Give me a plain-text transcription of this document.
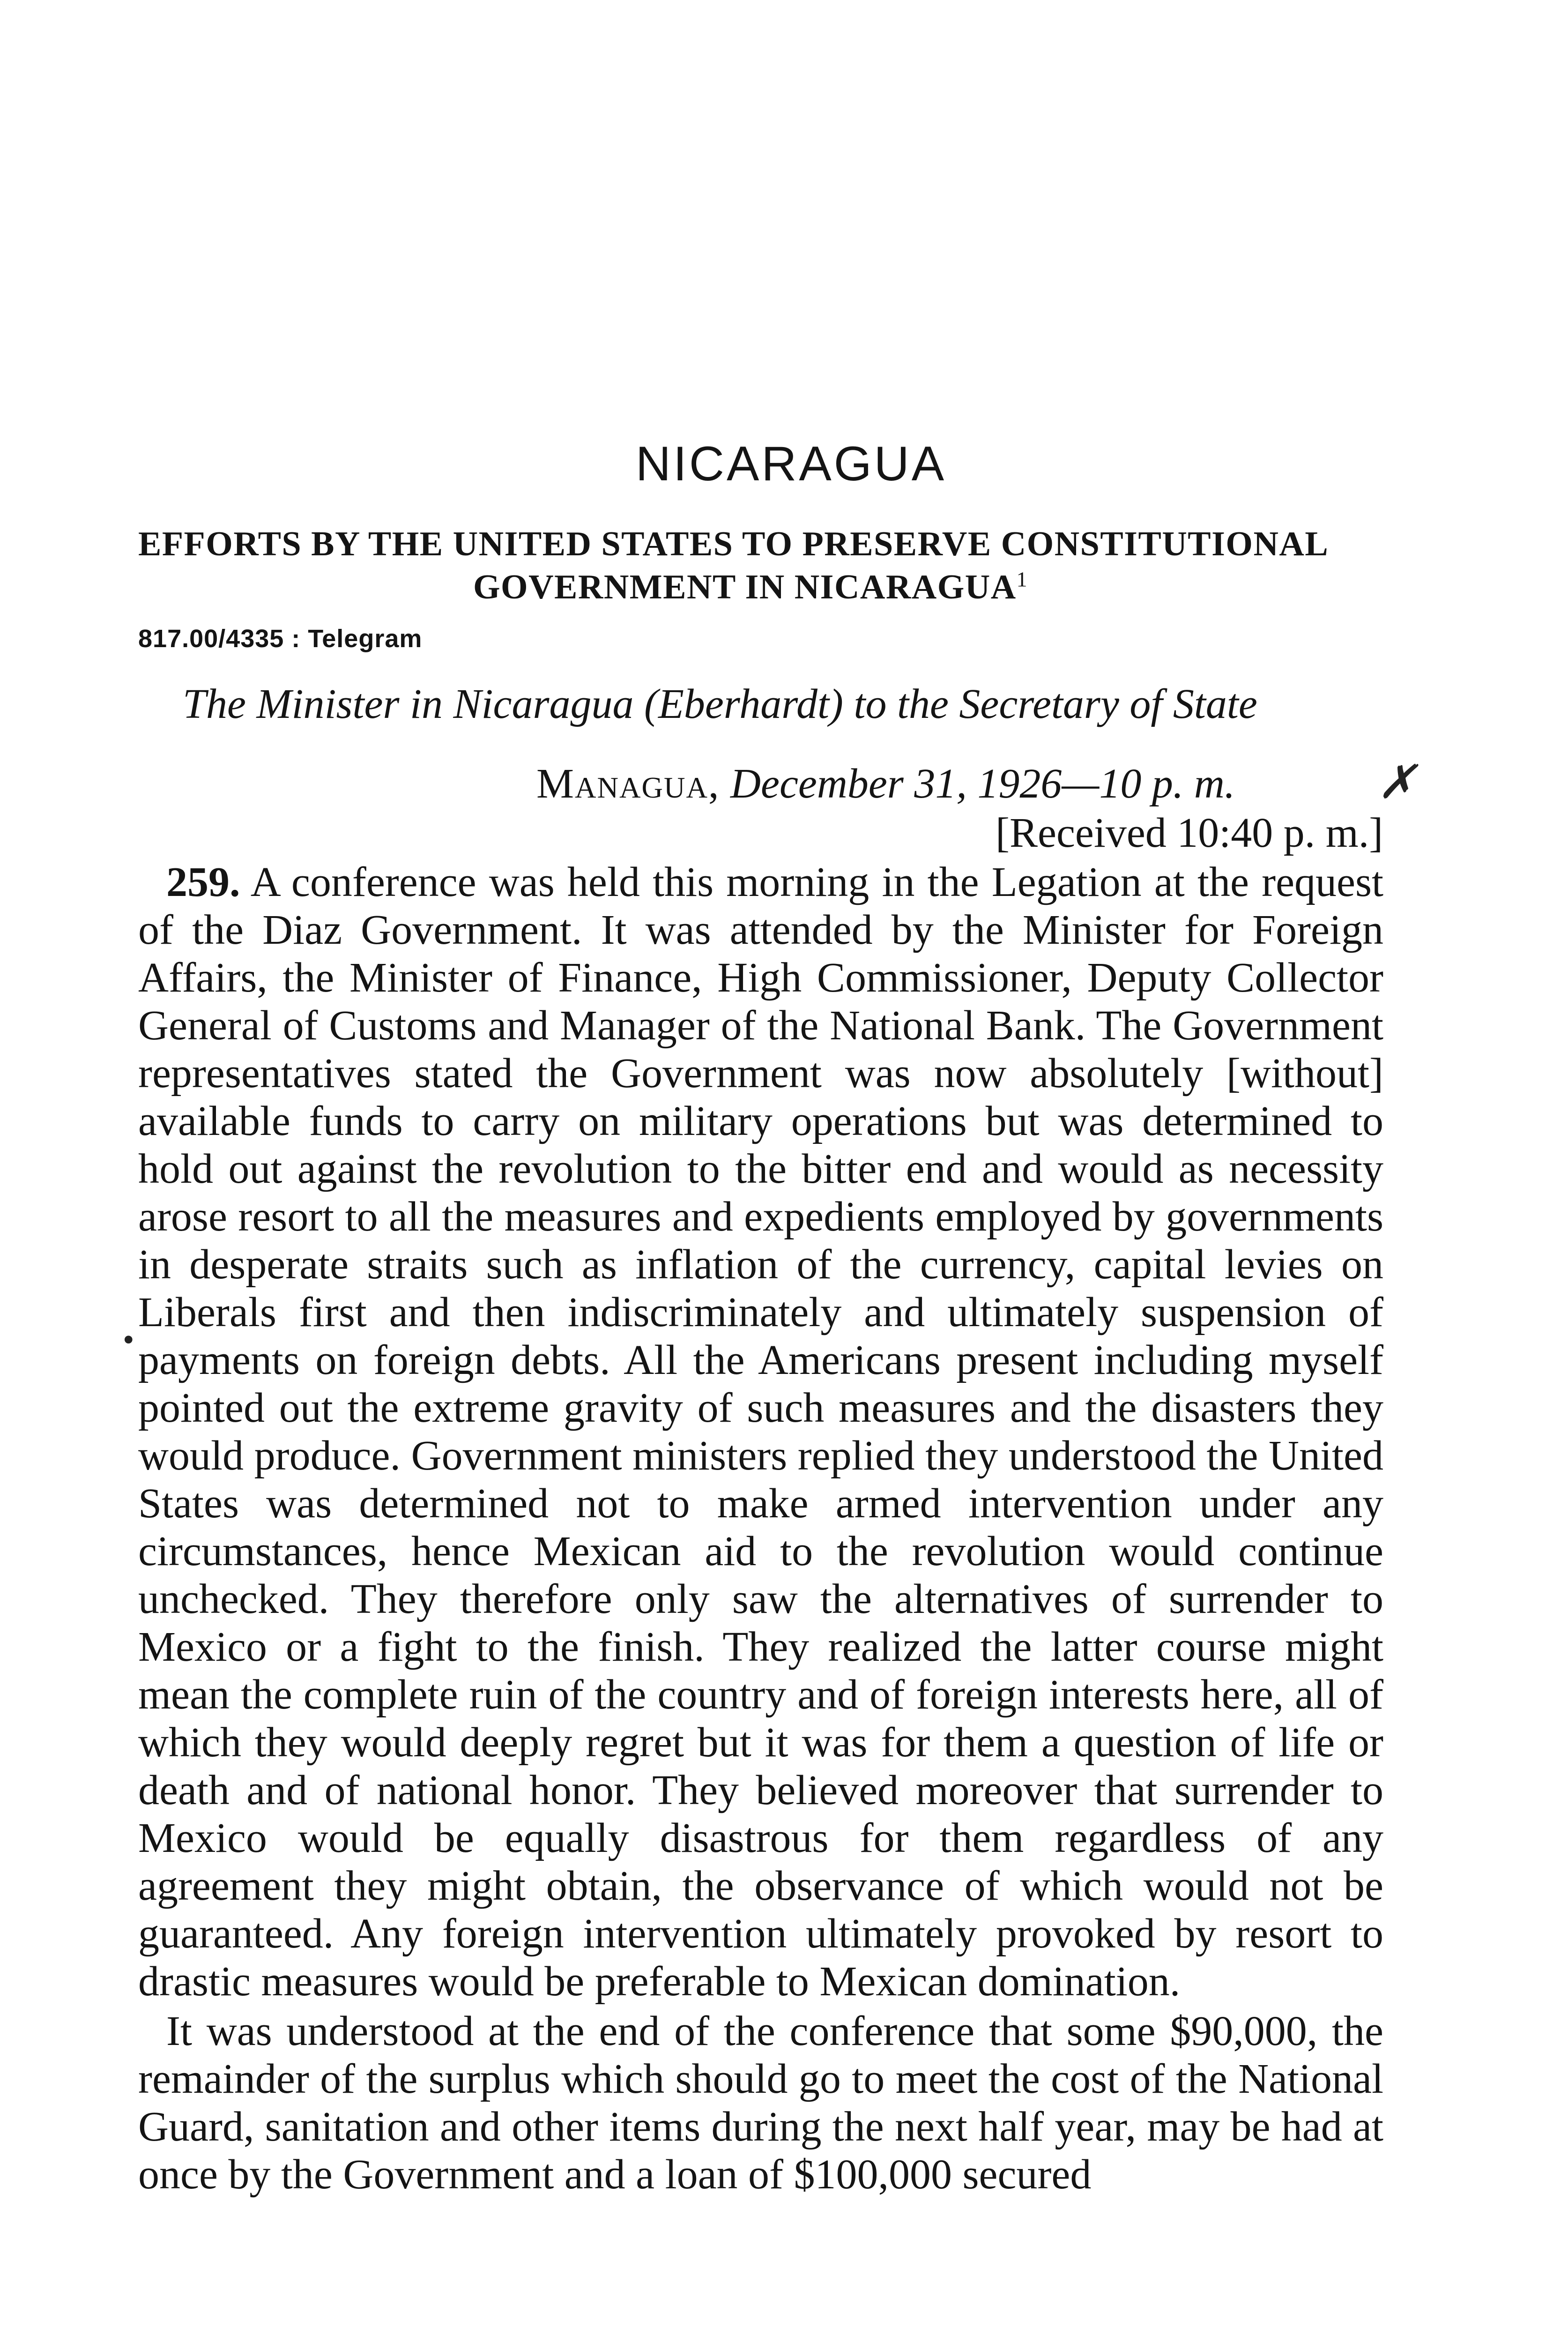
NICARAGUA
EFFORTS BY THE UNITED STATES TO PRESERVE CONSTITUTIONAL
GOVERNMENT IN NICARAGUA$^1$
817.00/4335 : Telegram
The Minister in Nicaragua (Eberhardt) to the Secretary of State
Managua, December 31, 1926—10 p. m.	✗
[Received 10:40 p. m.]
•

259. A conference was held this morning in the Legation at the request of the Diaz Government. It was attended by the Minister for Foreign Affairs, the Minister of Finance, High Commissioner, Deputy Collector General of Customs and Manager of the National Bank. The Government representatives stated the Government was now absolutely [without] available funds to carry on military operations but was determined to hold out against the revolution to the bitter end and would as necessity arose resort to all the measures and expedients employed by governments in desperate straits such as inflation of the currency, capital levies on Liberals first and then indiscriminately and ultimately suspension of payments on foreign debts. All the Americans present including myself pointed out the extreme gravity of such measures and the disasters they would produce. Government ministers replied they understood the United States was determined not to make armed intervention under any circumstances, hence Mexican aid to the revolution would continue unchecked. They therefore only saw the alternatives of surrender to Mexico or a fight to the finish. They realized the latter course might mean the complete ruin of the country and of foreign interests here, all of which they would deeply regret but it was for them a question of life or death and of national honor. They believed moreover that surrender to Mexico would be equally disastrous for them regardless of any agreement they might obtain, the observance of which would not be guaranteed. Any foreign intervention ultimately provoked by resort to drastic measures would be preferable to Mexican domination.

It was understood at the end of the conference that some $90,000, the remainder of the surplus which should go to meet the cost of the National Guard, sanitation and other items during the next half year, may be had at once by the Government and a loan of $100,000 secured
